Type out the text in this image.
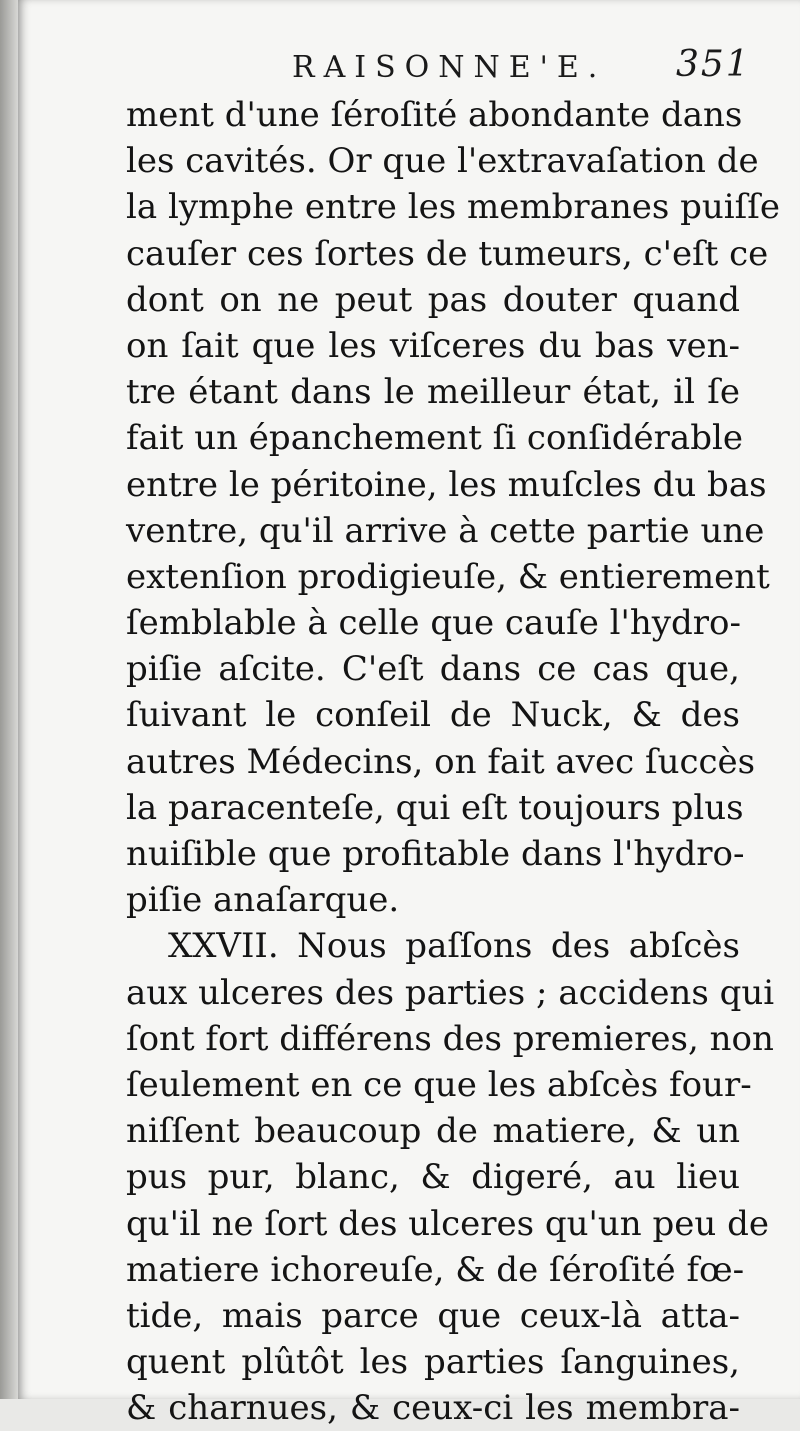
RAISONNE'E. 351
ment d'une ſéroſité abondante dans
les cavités. Or que l'extravaſation de
la lymphe entre les membranes puiſſe
cauſer ces ſortes de tumeurs, c'eſt ce
dont on ne peut pas douter quand
on ſait que les viſceres du bas ven-
tre étant dans le meilleur état, il ſe
fait un épanchement ſi conſidérable
entre le péritoine, les muſcles du bas
ventre, qu'il arrive à cette partie une
extenſion prodigieuſe, & entierement
ſemblable à celle que cauſe l'hydro-
piſie aſcite. C'eſt dans ce cas que,
ſuivant le conſeil de Nuck, & des
autres Médecins, on fait avec ſuccès
la paracenteſe, qui eſt toujours plus
nuiſible que profitable dans l'hydro-
piſie anaſarque.
XXVII. Nous paſſons des abſcès
aux ulceres des parties ; accidens qui
ſont fort différens des premieres, non
ſeulement en ce que les abſcès four-
niſſent beaucoup de matiere, & un
pus pur, blanc, & digeré, au lieu
qu'il ne ſort des ulceres qu'un peu de
matiere ichoreuſe, & de ſéroſité fœ-
tide, mais parce que ceux-là atta-
quent plûtôt les parties ſanguines,
& charnues, & ceux-ci les membra-
